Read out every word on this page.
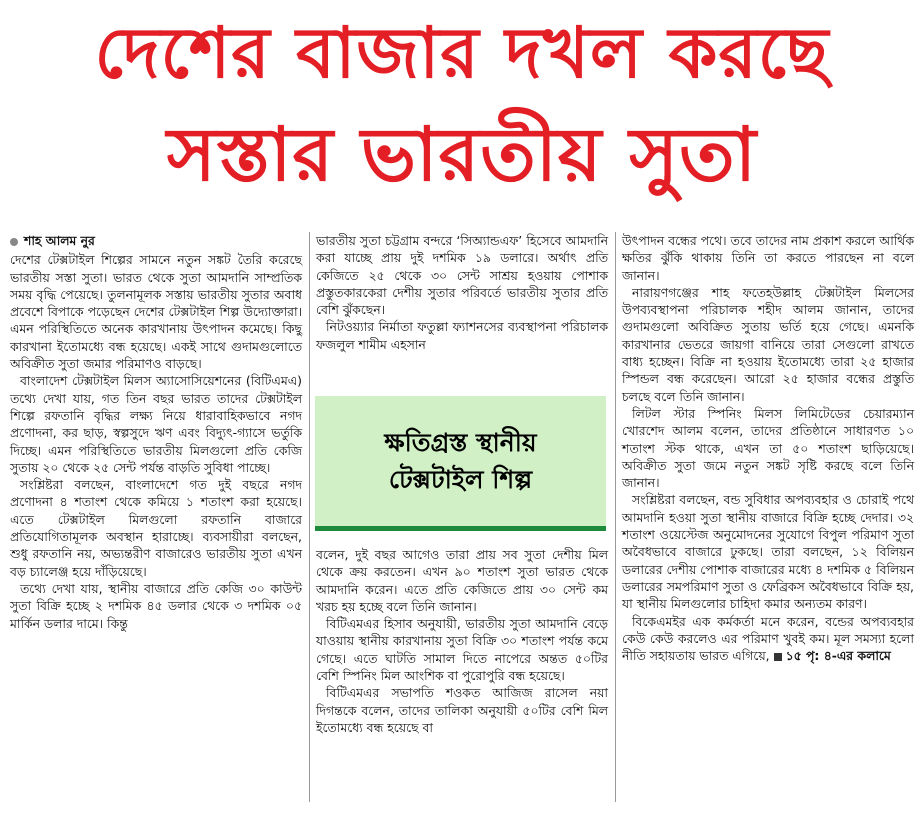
দেশের বাজার দখল করছে
সস্তার ভারতীয় সুতা
শাহ আলম নুর

দেশের টেক্সটাইল শিল্পের সামনে নতুন সঙ্কট তৈরি করেছে ভারতীয় সস্তা সুতা। ভারত থেকে সুতা আমদানি সাম্প্রতিক সময় বৃদ্ধি পেয়েছে। তুলনামূলক সস্তায় ভারতীয় সুতার অবাধ প্রবেশে বিপাকে পড়েছেন দেশের টেক্সটাইল শিল্প উদ্যোক্তারা। এমন পরিস্থিতিতে অনেক কারখানায় উৎপাদন কমেছে। কিছু কারখানা ইতোমধ্যে বন্ধ হয়েছে। একই সাথে গুদামগুলোতে অবিক্রীত সুতা জমার পরিমাণও বাড়ছে।

বাংলাদেশ টেক্সটাইল মিলস অ্যাসোসিয়েশনের (বিটিএমএ) তথ্যে দেখা যায়, গত তিন বছর ভারত তাদের টেক্সটাইল শিল্পে রফতানি বৃদ্ধির লক্ষ্য নিয়ে ধারাবাহিকভাবে নগদ প্রণোদনা, কর ছাড়, স্বল্পসুদে ঋণ এবং বিদ্যুৎ-গ্যাসে ভর্তুকি দিচ্ছে। এমন পরিস্থিতিতে ভারতীয় মিলগুলো প্রতি কেজি সুতায় ২০ থেকে ২৫ সেন্ট পর্যন্ত বাড়তি সুবিধা পাচ্ছে।

সংশ্লিষ্টরা বলছেন, বাংলাদেশে গত দুই বছরে নগদ প্রণোদনা ৪ শতাংশ থেকে কমিয়ে ১ শতাংশ করা হয়েছে। এতে টেক্সটাইল মিলগুলো রফতানি বাজারে প্রতিযোগিতামূলক অবস্থান হারাচ্ছে। ব্যবসায়ীরা বলছেন, শুধু রফতানি নয়, অভ্যন্তরীণ বাজারেও ভারতীয় সুতা এখন বড় চ্যালেঞ্জ হয়ে দাঁড়িয়েছে।

তথ্যে দেখা যায়, স্থানীয় বাজারে প্রতি কেজি ৩০ কাউন্ট সুতা বিক্রি হচ্ছে ২ দশমিক ৪৫ ডলার থেকে ৩ দশমিক ০৫ মার্কিন ডলার দামে। কিন্তু

ভারতীয় সুতা চট্টগ্রাম বন্দরে ‘সিঅ্যান্ডএফ’ হিসেবে আমদানি করা যাচ্ছে প্রায় দুই দশমিক ১৯ ডলারে। অর্থাৎ প্রতি কেজিতে ২৫ থেকে ৩০ সেন্ট সাশ্রয় হওয়ায় পোশাক প্রস্তুতকারকেরা দেশীয় সুতার পরিবর্তে ভারতীয় সুতার প্রতি বেশি ঝুঁকছেন।

নিটওয়্যার নির্মাতা ফতুল্লা ফ্যাশনসের ব্যবস্থাপনা পরিচালক ফজলুল শামীম এহসান

ক্ষতিগ্রস্ত স্থানীয়
টেক্সটাইল শিল্প

বলেন, দুই বছর আগেও তারা প্রায় সব সুতা দেশীয় মিল থেকে ক্রয় করতেন। এখন ৯০ শতাংশ সুতা ভারত থেকে আমদানি করেন। এতে প্রতি কেজিতে প্রায় ৩০ সেন্ট কম খরচ হয় হচ্ছে বলে তিনি জানান।

বিটিএমএর হিসাব অনুযায়ী, ভারতীয় সুতা আমদানি বেড়ে যাওয়ায় স্থানীয় কারখানায় সুতা বিক্রি ৩০ শতাংশ পর্যন্ত কমে গেছে। এতে ঘাটতি সামাল দিতে নাপেরে অন্তত ৫০টির বেশি স্পিনিং মিল আংশিক বা পুরোপুরি বন্ধ হয়েছে।

বিটিএমএর সভাপতি শওকত আজিজ রাসেল নয়া দিগন্তকে বলেন, তাদের তালিকা অনুযায়ী ৫০টির বেশি মিল ইতোমধ্যে বন্ধ হয়েছে বা

উৎপাদন বন্ধের পথে। তবে তাদের নাম প্রকাশ করলে আর্থিক ক্ষতির ঝুঁকি থাকায় তিনি তা করতে পারছেন না বলে জানান।

নারায়ণগঞ্জের শাহ ফতেহউল্লাহ টেক্সটাইল মিলসের উপব্যবস্থাপনা পরিচালক শহীদ আলম জানান, তাদের গুদামগুলো অবিক্রিত সুতায় ভর্তি হয়ে গেছে। এমনকি কারখানার ভেতরে জায়গা বানিয়ে তারা সেগুলো রাখতে বাধ্য হচ্ছেন। বিক্রি না হওয়ায় ইতোমধ্যে তারা ২৫ হাজার স্পিন্ডল বন্ধ করেছেন। আরো ২৫ হাজার বন্ধের প্রস্তুতি চলছে বলে তিনি জানান।

লিটল স্টার স্পিনিং মিলস লিমিটেডের চেয়ারম্যান খোরশেদ আলম বলেন, তাদের প্রতিষ্ঠানে সাধারণত ১০ শতাংশ স্টক থাকে, এখন তা ৫০ শতাংশ ছাড়িয়েছে। অবিক্রীত সুতা জমে নতুন সঙ্কট সৃষ্টি করছে বলে তিনি জানান।

সংশ্লিষ্টরা বলছেন, বন্ড সুবিধার অপব্যবহার ও চোরাই পথে আমদানি হওয়া সুতা স্থানীয় বাজারে বিক্রি হচ্ছে দেদার। ৩২ শতাংশ ওয়েস্টেজ অনুমোদনের সুযোগে বিপুল পরিমাণ সুতা অবৈধভাবে বাজারে ঢুকছে। তারা বলছেন, ১২ বিলিয়ন ডলারের দেশীয় পোশাক বাজারের মধ্যে ৪ দশমিক ৫ বিলিয়ন ডলারের সমপরিমাণ সুতা ও ফেব্রিকস অবৈধভাবে বিক্রি হয়, যা স্থানীয় মিলগুলোর চাহিদা কমার অন্যতম কারণ।

বিকেএমইর এক কর্মকর্তা মনে করেন, বন্ডের অপব্যবহার কেউ কেউ করলেও এর পরিমাণ খুবই কম। মূল সমস্যা হলো নীতি সহায়তায় ভারত এগিয়ে, ১৫ পৃ: ৪-এর কলামে
